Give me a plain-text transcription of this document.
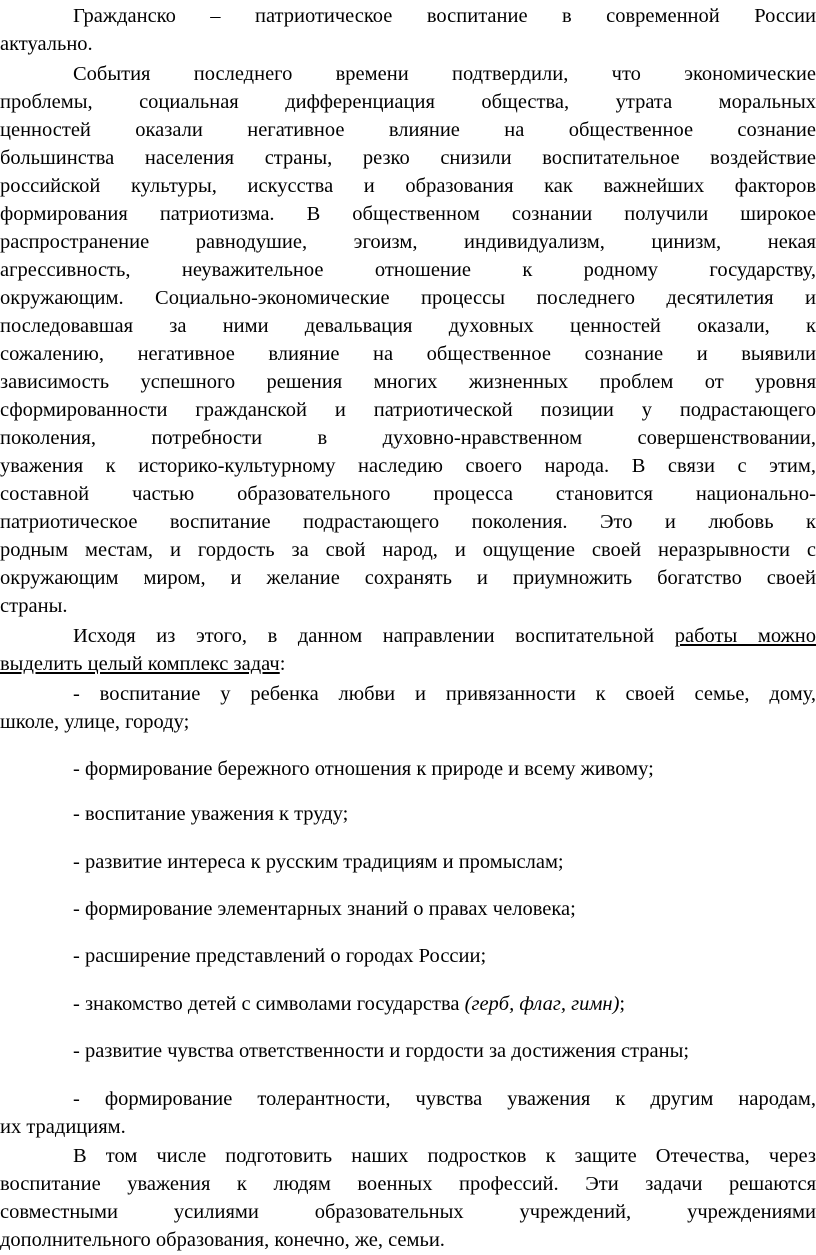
Гражданско – патриотическое воспитание в современной России
актуально.
События последнего времени подтвердили, что экономические
проблемы, социальная дифференциация общества, утрата моральных
ценностей оказали негативное влияние на общественное сознание
большинства населения страны, резко снизили воспитательное воздействие
российской культуры, искусства и образования как важнейших факторов
формирования патриотизма. В общественном сознании получили широкое
распространение равнодушие, эгоизм, индивидуализм, цинизм, некая
агрессивность, неуважительное отношение к родному государству,
окружающим. Социально-экономические процессы последнего десятилетия и
последовавшая за ними девальвация духовных ценностей оказали, к
сожалению, негативное влияние на общественное сознание и выявили
зависимость успешного решения многих жизненных проблем от уровня
сформированности гражданской и патриотической позиции у подрастающего
поколения, потребности в духовно-нравственном совершенствовании,
уважения к историко-культурному наследию своего народа. В связи с этим,
составной частью образовательного процесса становится национально-
патриотическое воспитание подрастающего поколения. Это и любовь к
родным местам, и гордость за свой народ, и ощущение своей неразрывности с
окружающим миром, и желание сохранять и приумножить богатство своей
страны.
Исходя из этого, в данном направлении воспитательной работы можно
выделить целый комплекс задач:
- воспитание у ребенка любви и привязанности к своей семье, дому,
школе, улице, городу;
- формирование бережного отношения к природе и всему живому;
- воспитание уважения к труду;
- развитие интереса к русским традициям и промыслам;
- формирование элементарных знаний о правах человека;
- расширение представлений о городах России;
- знакомство детей с символами государства (герб, флаг, гимн);
- развитие чувства ответственности и гордости за достижения страны;
- формирование толерантности, чувства уважения к другим народам,
их традициям.
В том числе подготовить наших подростков к защите Отечества, через
воспитание уважения к людям военных профессий. Эти задачи решаются
совместными усилиями образовательных учреждений, учреждениями
дополнительного образования, конечно, же, семьи.
